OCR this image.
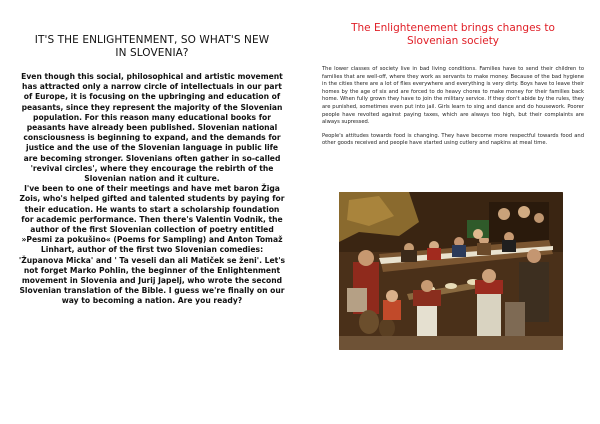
IT'S THE ENLIGHTENMENT, SO WHAT'S NEW
IN SLOVENIA?
Even though this social, philosophical and artistic movement has attracted only a narrow circle of intellectuals in our part of Europe, it is focusing on the upbringing and education of peasants, since they represent the majority of the Slovenian population. For this reason many educational books for peasants have already been published. Slovenian national consciousness is beginning to expand, and the demands for justice and the use of the Slovenian language in public life are becoming stronger. Slovenians often gather in so-called 'revival circles', where they encourage the rebirth of the Slovenian nation and it culture.
I've been to one of their meetings and have met baron Žiga Zois, who's helped gifted and talented students by paying for their education. He wants to start a scholarship foundation for academic performance. Then there's Valentin Vodnik, the author of the first Slovenian collection of poetry entitled »Pesmi za pokušino« (Poems for Sampling) and Anton Tomaž Linhart, author of the first two Slovenian comedies: 'Županova Micka' and ' Ta veseli dan ali Matiček se ženi'. Let's not forget Marko Pohlin, the beginner of the Enlightenment movement in Slovenia and Jurij Japelj, who wrote the second Slovenian translation of the Bible. I guess we're finally on our way to becoming a nation. Are you ready?
The Enlightenement brings changes to
Slovenian society

The lower classes of society live in bad living conditions. Families have to send their children to families that are well-off, where they work as servants to make money. Because of the bad hygiene in the cities there are a lot of flies everywhere and everything is very dirty. Boys have to leave their homes by the age of six and are forced to do heavy chores to make money for their families back home. When fully grown they have to join the military service. If they don't abide by the rules, they are punished, sometimes even put into jail. Girls learn to sing and dance and do housework. Poorer people have revolted against paying taxes, which are always too high, but their complaints are always supressed.

People's attitudes towards food is changing. They have become more respectful towards food and other goods received and people have started using cutlery and napkins at meal time.
